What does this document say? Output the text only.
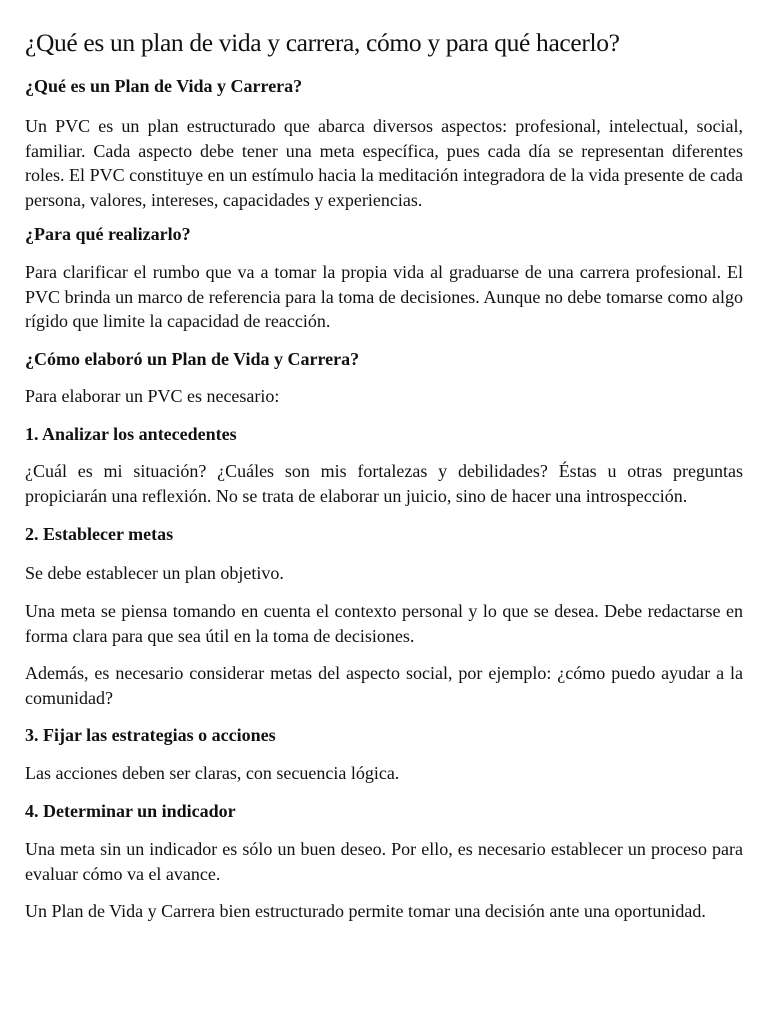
¿Qué es un plan de vida y carrera, cómo y para qué hacerlo?
¿Qué es un Plan de Vida y Carrera?

Un PVC es un plan estructurado que abarca diversos aspectos: profesional, intelectual, social, familiar. Cada aspecto debe tener una meta específica, pues cada día se representan diferentes roles. El PVC constituye en un estímulo hacia la meditación integradora de la vida presente de cada persona, valores, intereses, capacidades y experiencias.

¿Para qué realizarlo?

Para clarificar el rumbo que va a tomar la propia vida al graduarse de una carrera profesional. El PVC brinda un marco de referencia para la toma de decisiones. Aunque no debe tomarse como algo rígido que limite la capacidad de reacción.

¿Cómo elaboró un Plan de Vida y Carrera?

Para elaborar un PVC es necesario:

1. Analizar los antecedentes

¿Cuál es mi situación? ¿Cuáles son mis fortalezas y debilidades? Éstas u otras preguntas propiciarán una reflexión. No se trata de elaborar un juicio, sino de hacer una introspección.

2. Establecer metas

Se debe establecer un plan objetivo.

Una meta se piensa tomando en cuenta el contexto personal y lo que se desea. Debe redactarse en forma clara para que sea útil en la toma de decisiones.

Además, es necesario considerar metas del aspecto social, por ejemplo: ¿cómo puedo ayudar a la comunidad?

3. Fijar las estrategias o acciones

Las acciones deben ser claras, con secuencia lógica.

4. Determinar un indicador

Una meta sin un indicador es sólo un buen deseo. Por ello, es necesario establecer un proceso para evaluar cómo va el avance.

Un Plan de Vida y Carrera bien estructurado permite tomar una decisión ante una oportunidad.
